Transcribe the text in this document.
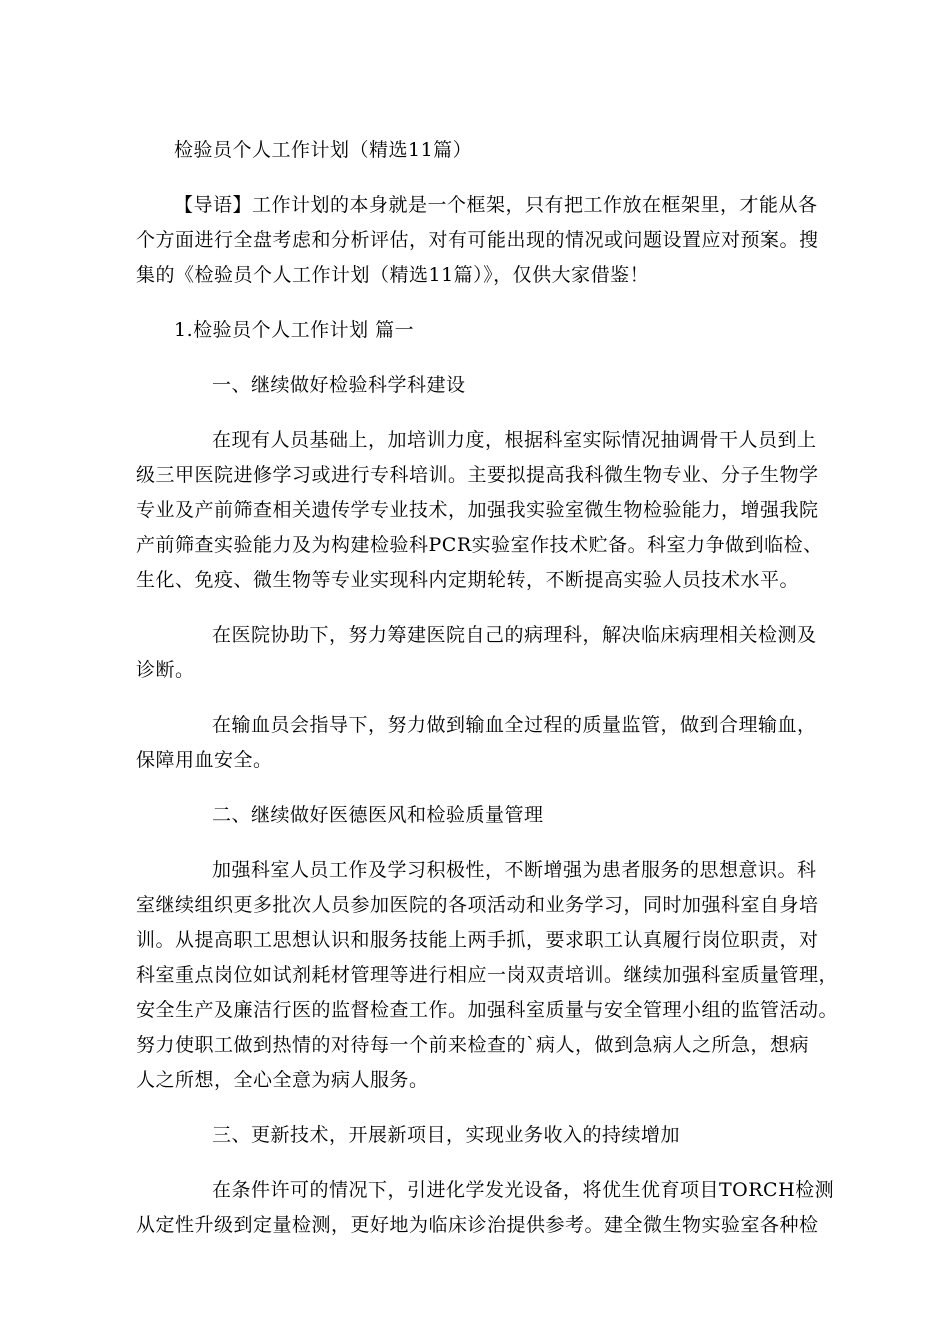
检验员个人工作计划（精选11篇）
【导语】工作计划的本身就是一个框架，只有把工作放在框架里，才能从各
个方面进行全盘考虑和分析评估，对有可能出现的情况或问题设置应对预案。搜
集的《检验员个人工作计划（精选11篇）》，仅供大家借鉴！
1.检验员个人工作计划 篇一
一、继续做好检验科学科建设
在现有人员基础上，加培训力度，根据科室实际情况抽调骨干人员到上
级三甲医院进修学习或进行专科培训。主要拟提高我科微生物专业、分子生物学
专业及产前筛查相关遗传学专业技术，加强我实验室微生物检验能力，增强我院
产前筛查实验能力及为构建检验科PCR实验室作技术贮备。科室力争做到临检、
生化、免疫、微生物等专业实现科内定期轮转，不断提高实验人员技术水平。
在医院协助下，努力筹建医院自己的病理科，解决临床病理相关检测及
诊断。
在输血员会指导下，努力做到输血全过程的质量监管，做到合理输血，
保障用血安全。
二、继续做好医德医风和检验质量管理
加强科室人员工作及学习积极性，不断增强为患者服务的思想意识。科
室继续组织更多批次人员参加医院的各项活动和业务学习，同时加强科室自身培
训。从提高职工思想认识和服务技能上两手抓，要求职工认真履行岗位职责，对
科室重点岗位如试剂耗材管理等进行相应一岗双责培训。继续加强科室质量管理，
安全生产及廉洁行医的监督检查工作。加强科室质量与安全管理小组的监管活动。
努力使职工做到热情的对待每一个前来检查的`病人，做到急病人之所急，想病
人之所想，全心全意为病人服务。
三、更新技术，开展新项目，实现业务收入的持续增加
在条件许可的情况下，引进化学发光设备，将优生优育项目TORCH检测
从定性升级到定量检测，更好地为临床诊治提供参考。建全微生物实验室各种检
